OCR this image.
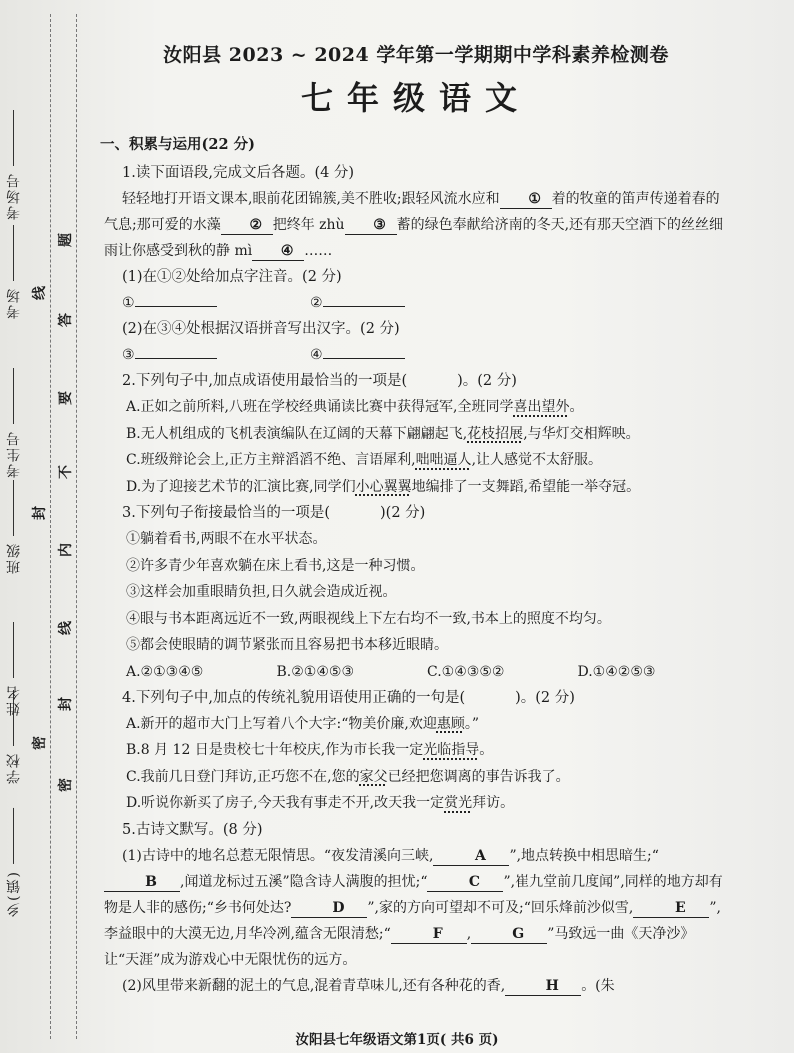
考场号
考场
考生号
班级
学校
姓名
乡(镇)
题
答
要
不
内
线
封
密
线
封
密
汝阳县 2023 ~ 2024 学年第一学期期中学科素养检测卷
七年级语文

一、积累与运用(22 分)

1.读下面语段,完成文后各题。(4 分)

轻轻地打开语文课本,眼前花团锦簇,美不胜收;跟轻风流水应和 ① 着的牧童的笛声传递着春的气息;那可爱的水藻 ② 把终年 zhù ③ 蓄的绿色奉献给济南的冬天,还有那天空酒下的丝丝细雨让你感受到秋的静 mì ④ ……

(1)在①②处给加点字注音。(2 分)

①	②

(2)在③④处根据汉语拼音写出汉字。(2 分)

③	④

2.下列句子中,加点成语使用最恰当的一项是(	)。(2 分)

A.正如之前所料,八班在学校经典诵读比赛中获得冠军,全班同学喜出望外。

B.无人机组成的飞机表演编队在辽阔的天幕下翩翩起飞,花枝招展,与华灯交相辉映。

C.班级辩论会上,正方主辩滔滔不绝、言语犀利,咄咄逼人,让人感觉不太舒服。

D.为了迎接艺术节的汇演比赛,同学们小心翼翼地编排了一支舞蹈,希望能一举夺冠。

3.下列句子衔接最恰当的一项是(	)(2 分)

①躺着看书,两眼不在水平状态。

②许多青少年喜欢躺在床上看书,这是一种习惯。

③这样会加重眼睛负担,日久就会造成近视。

④眼与书本距离远近不一致,两眼视线上下左右均不一致,书本上的照度不均匀。

⑤都会使眼睛的调节紧张而且容易把书本移近眼睛。

A.②①③④⑤	B.②①④⑤③	C.①④③⑤②	D.①④②⑤③

4.下列句子中,加点的传统礼貌用语使用正确的一句是(	)。(2 分)

A.新开的超市大门上写着八个大字:“物美价廉,欢迎惠顾。”

B.8 月 12 日是贵校七十年校庆,作为市长我一定光临指导。

C.我前几日登门拜访,正巧您不在,您的家父已经把您调离的事告诉我了。

D.听说你新买了房子,今天我有事走不开,改天我一定赏光拜访。

5.古诗文默写。(8 分)

(1)古诗中的地名总惹无限情思。“夜发清溪向三峡,	A ”,地点转换中相思暗生;“B ,闻道龙标过五溪”隐含诗人满腹的担忧;“	C ”,崔九堂前几度闻”,同样的地方却有物是人非的感伤;“乡书何处达?	D ”,家的方向可望却不可及;“回乐烽前沙似雪,	E ”,李益眼中的大漠无边,月华冷冽,蕴含无限清愁;“	F ,	G ”马致远一曲《天净沙》让“天涯”成为游戏心中无限忧伤的远方。

(2)风里带来新翻的泥土的气息,混着青草味儿,还有各种花的香,	H 。(朱

汝阳县七年级语文第1页( 共6 页)
